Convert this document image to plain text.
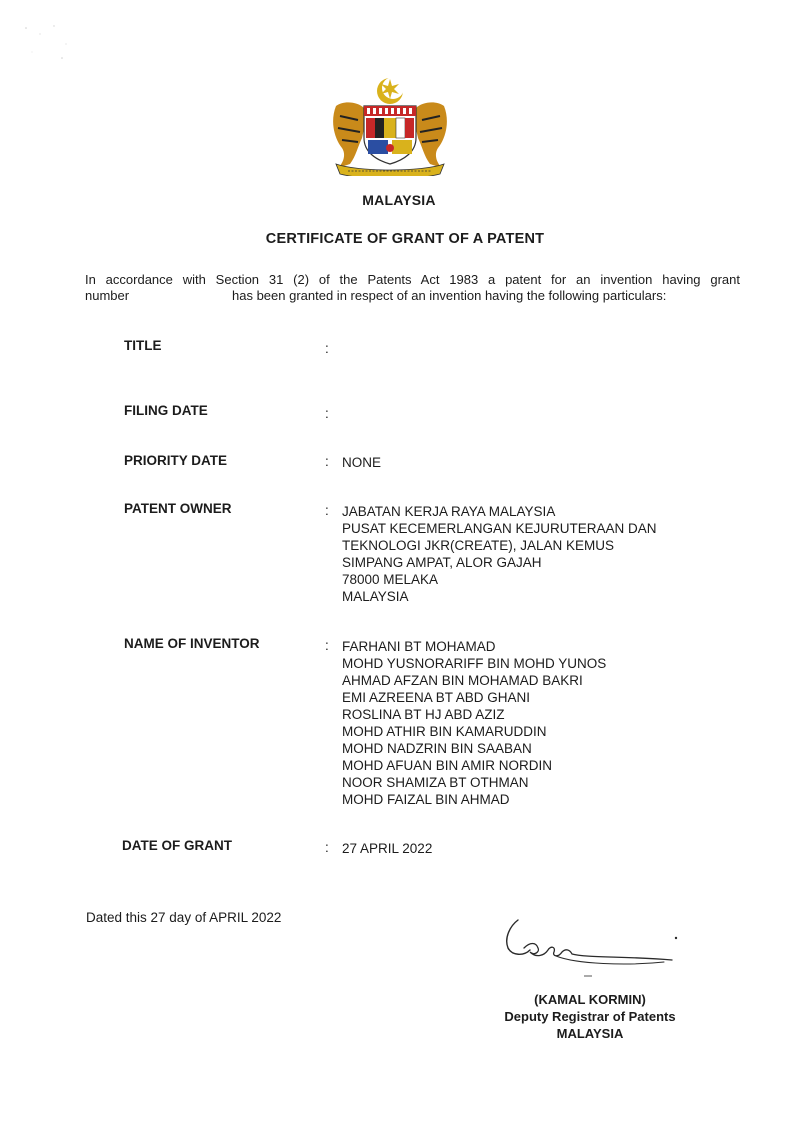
MALAYSIA
CERTIFICATE OF GRANT OF A PATENT
In accordance with Section 31 (2) of the Patents Act 1983 a patent for an invention having grant
number	has been granted in respect of an invention having the following particulars:
TITLE	:
FILING DATE	:
PRIORITY DATE	: NONE
PATENT OWNER	: JABATAN KERJA RAYA MALAYSIA
PUSAT KECEMERLANGAN KEJURUTERAAN DAN
TEKNOLOGI JKR(CREATE), JALAN KEMUS
SIMPANG AMPAT, ALOR GAJAH
78000 MELAKA
MALAYSIA
NAME OF INVENTOR	: FARHANI BT MOHAMAD
MOHD YUSNORARIFF BIN MOHD YUNOS
AHMAD AFZAN BIN MOHAMAD BAKRI
EMI AZREENA BT ABD GHANI
ROSLINA BT HJ ABD AZIZ
MOHD ATHIR BIN KAMARUDDIN
MOHD NADZRIN BIN SAABAN
MOHD AFUAN BIN AMIR NORDIN
NOOR SHAMIZA BT OTHMAN
MOHD FAIZAL BIN AHMAD
DATE OF GRANT	: 27 APRIL 2022
Dated this 27 day of APRIL 2022
(KAMAL KORMIN)
Deputy Registrar of Patents
MALAYSIA
